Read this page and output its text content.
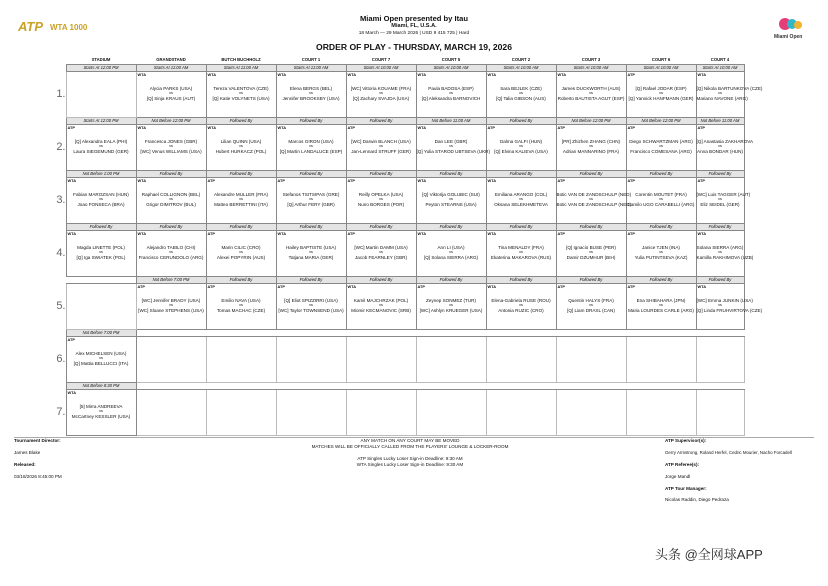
ATP WTA 1000
Miami Open
Miami Open presented by Itau
Miami, FL, U.S.A.
18 March — 29 March 2026 | USD 9 415 725 | Hard
ORDER OF PLAY - THURSDAY, MARCH 19, 2026
	STADIUM	GRANDSTAND	BUTCH BUCHHOLZ	COURT 1	COURT 7	COURT 5	COURT 2	COURT 3	COURT 6	COURT 4	
	Starts At 12:00 PM	Starts At 11:00 AM	Starts At 11:00 AM	Starts At 11:00 AM	Starts At 10:00 AM	Starts At 10:00 AM	Starts At 10:00 AM	Starts At 10:00 AM	Starts At 10:00 AM	Starts At 10:00 AM	
1.		WTA
Alycia PARKS (USA)
vs
[Q] Sinja KRAUS (AUT)	WTA
Tereza VALENTOVA (CZE)
vs
[Q] Katie VOLYNETS (USA)	WTA
Elena BERGS (BEL)
vs
Jennifer BROOKSBY (USA)	WTA
[WC] Vittoria KOUAME (FRA)
vs
[Q] Zachary SVAJDA (USA)	WTA
Paula BADOSA (ESP)
vs
[Q] Aleksandra BARNOVICH	WTA
Sara BEJLEK (CZE)
vs
[Q] Talia GIBSON (AUS)	WTA
James DUCKWORTH (AUS)
vs
Roberto BAUTISTA AGUT (ESP)	ATP
[Q] Rafael JODAR (ESP)
vs
[Q] Yannick HANFMANN (GER)	WTA
[Q] Nikola BARTUNKOVA (CZE)
vs
Mariano NAVONE (ARG)	

	Starts At 12:00 PM	Not Before 12:00 PM	Followed By	Followed By	Followed By	Not Before 11:00 AM	Followed By	Not Before 12:00 PM	Not Before 12:00 PM	Not Before 11:00 AM	
2.	ATP
[Q] Alexandra EALA (PHI)
vs
Laura SIEGEMUND (GER)	WTA
Francesca JONES (GBR)
vs
[WC] Venus WILLIAMS (USA)	WTA
Lilian QUINN (USA)
vs
Hubert HURKACZ (POL)	WTA
Marcos GIRON (USA)
vs
[Q] Martin LANDALUCE (ESP)	ATP
[WC] Darwin BLANCH (USA)
vs
Jan-Lennard STRUFF (GER)	WTA
Dan LEE (GBR)
vs
[Q] Yulia STAROD UBTSEVA (UKR)	ATP
Dalma GALFI (HUN)
vs
[Q] Elvina KALIEVA (USA)	ATP
[PR] Zhizhen ZHANG (CHN)
vs
Adrian MANNARINO (FRA)	ATP
Diego SCHWARTZMAN (ARG)
vs
Francisco COMESANA (ARG)	ATP
[Q] Anastasia ZAKHAROVA
vs
Anna BONDAR (HUN)	

	Not Before 1:00 PM	Followed By	Followed By	Followed By	Followed By	Followed By	Followed By	Followed By	Followed By	Followed By	
3.	WTA
Fabian MAROZSAN (HUN)
vs
Joao FONSECA (BRA)	WTA
Raphael COLLIGNON (BEL)
vs
Grigor DIMITROV (BUL)	ATP
Alexandre MULLER (FRA)
vs
Matteo BERRETTINI (ITA)	ATP
Stefanos TSITSIPAS (GRE)
vs
[Q] Arthur FERY (GBR)	ATP
Reilly OPELKA (USA)
vs
Nuno BORGES (POR)	WTA
[Q] Viktorija GOLUBIC (SUI)
vs
Peyton STEARNS (USA)	WTA
Emiliana ARANGO (COL)
vs
Oksana SELEKHMETEVA	ATP
Botic VAN DE ZANDSCHULP (NED)
vs
Botic VAN DE ZANDSCHULP (NED)	ATP
Corentin MOUTET (FRA)
vs
Camilo UGO CARABELLI (ARG)	ATP
[WC] Luis TAGGER (AUT)
vs
Eliz SEIDEL (GER)	

	Followed By	Followed By	Followed By	Followed By	Followed By	Followed By	Followed By	Followed By	Followed By	Followed By	
4.	WTA
Magda LINETTE (POL)
vs
[Q] Iga SWIATEK (POL)	WTA
Alejandro TABILO (CHI)
vs
Francisco CERUNDOLO (ARG)	ATP
Marin CILIC (CRO)
vs
Alexei POPYRIN (AUS)	WTA
Hailey BAPTISTE (USA)
vs
Tatjana MARIA (GER)	ATP
[WC] Martin DAMM (USA)
vs
Jacob FEARNLEY (GBR)	WTA
Ann LI (USA)
vs
[Q] Solana SIERRA (ARG)	WTA
Tina MENALDY (FRA)
vs
Ekaterina MAKAROVA (RUS)	ATP
[Q] Ignacio BUSE (PER)
vs
Damir DZUMHUR (BIH)	ATP
Janice TJEN (INA)
vs
Yulia PUTINTSEVA (KAZ)	WTA
Solana SIERRA (ARG)
vs
Kamilla RAKHIMOVA (UZB)	

		Not Before 7:00 PM	Followed By	Followed By	Followed By	Followed By	Followed By	Followed By	Followed By	Followed By	
5.		ATP
[WC] Jennifer BRADY (USA)
vs
[WC] Sloane STEPHENS (USA)	ATP
Emilio NAVA (USA)
vs
Tomas MACHAC (CZE)	ATP
[Q] Eliot SPIZZIRRI (USA)
vs
[WC] Taylor TOWNSEND (USA)	WTA
Kamil MAJCHRZAK (POL)
vs
Miomir KECMANOVIC (SRB)	ATP
Zeynep SONMEZ (TUR)
vs
[WC] Ashlyn KRUEGER (USA)	WTA
Elena-Gabriela RUSE (ROU)
vs
Antonia RUZIC (CRO)	ATP
Quentin HALYS (FRA)
vs
[Q] Liam DRAXL (CAN)	ATP
Ena SHIBAHARA (JPN)
vs
Maria LOURDES CARLE (ARG)	WTA
[WC] Emma JUNKIN (USA)
vs
[Q] Linda FRUHVIRTOVA (CZE)	

	Not Before 7:00 PM										
6.	ATP
Alex MICHELSEN (USA)
vs
[Q] Mattia BELLUCCI (ITA)										

	Not Before 8:30 PM										
7.	WTA
[5] Mirra ANDREEVA
vs
McCartney KESSLER (USA)										

Tournament Director:
James Blake
Released:
03/18/2026 8:45:00 PM
ANY MATCH ON ANY COURT MAY BE MOVED
MATCHES WILL BE OFFICIALLY CALLED FROM THE PLAYERS' LOUNGE & LOCKER-ROOM
ATP Singles Lucky Loser Sign-in Deadline: 9:30 AM
WTA Singles Lucky Loser Sign-in Deadline: 9:30 AM
ATP Supervisor(s):
Gerry Armstrong, Roland Herfel, Cedric Mourier, Nacho Forcadell
ATP Referee(s):
Jorge Mandl
ATP Tour Manager:
Nicolas Raddin, Diego Pedraza
头条 @全网球APP
